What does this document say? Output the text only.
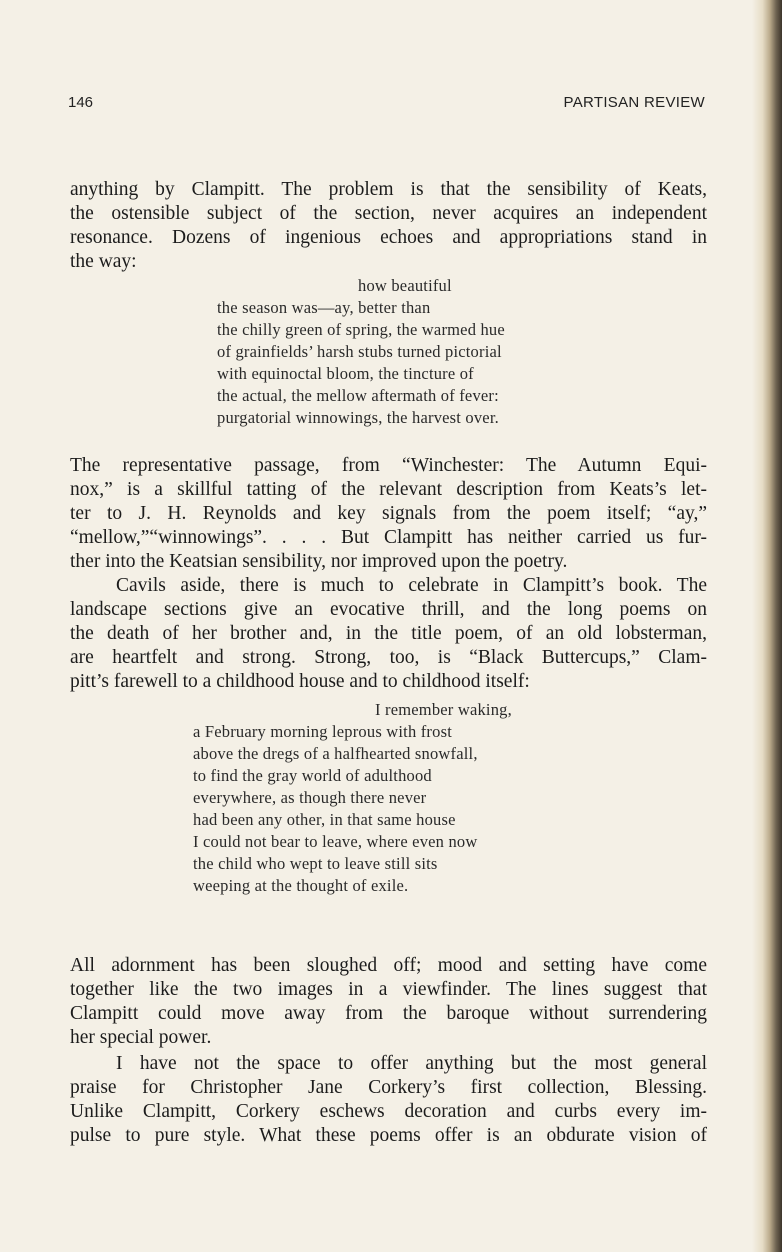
146	PARTISAN REVIEW
anything by Clampitt. The problem is that the sensibility of Keats,
the ostensible subject of the section, never acquires an independent
resonance. Dozens of ingenious echoes and appropriations stand in
the way:
how beautiful
the season was—ay, better than
the chilly green of spring, the warmed hue
of grainfields’ harsh stubs turned pictorial
with equinoctal bloom, the tincture of
the actual, the mellow aftermath of fever:
purgatorial winnowings, the harvest over.
The representative passage, from “Winchester: The Autumn Equi-
nox,” is a skillful tatting of the relevant description from Keats’s let-
ter to J. H. Reynolds and key signals from the poem itself; “ay,”
“mellow,”“winnowings”. . . . But Clampitt has neither carried us fur-
ther into the Keatsian sensibility, nor improved upon the poetry.
Cavils aside, there is much to celebrate in Clampitt’s book. The
landscape sections give an evocative thrill, and the long poems on
the death of her brother and, in the title poem, of an old lobsterman,
are heartfelt and strong. Strong, too, is “Black Buttercups,” Clam-
pitt’s farewell to a childhood house and to childhood itself:
I remember waking,
a February morning leprous with frost
above the dregs of a halfhearted snowfall,
to find the gray world of adulthood
everywhere, as though there never
had been any other, in that same house
I could not bear to leave, where even now
the child who wept to leave still sits
weeping at the thought of exile.
All adornment has been sloughed off; mood and setting have come
together like the two images in a viewfinder. The lines suggest that
Clampitt could move away from the baroque without surrendering
her special power.
I have not the space to offer anything but the most general
praise for Christopher Jane Corkery’s first collection, Blessing.
Unlike Clampitt, Corkery eschews decoration and curbs every im-
pulse to pure style. What these poems offer is an obdurate vision of
